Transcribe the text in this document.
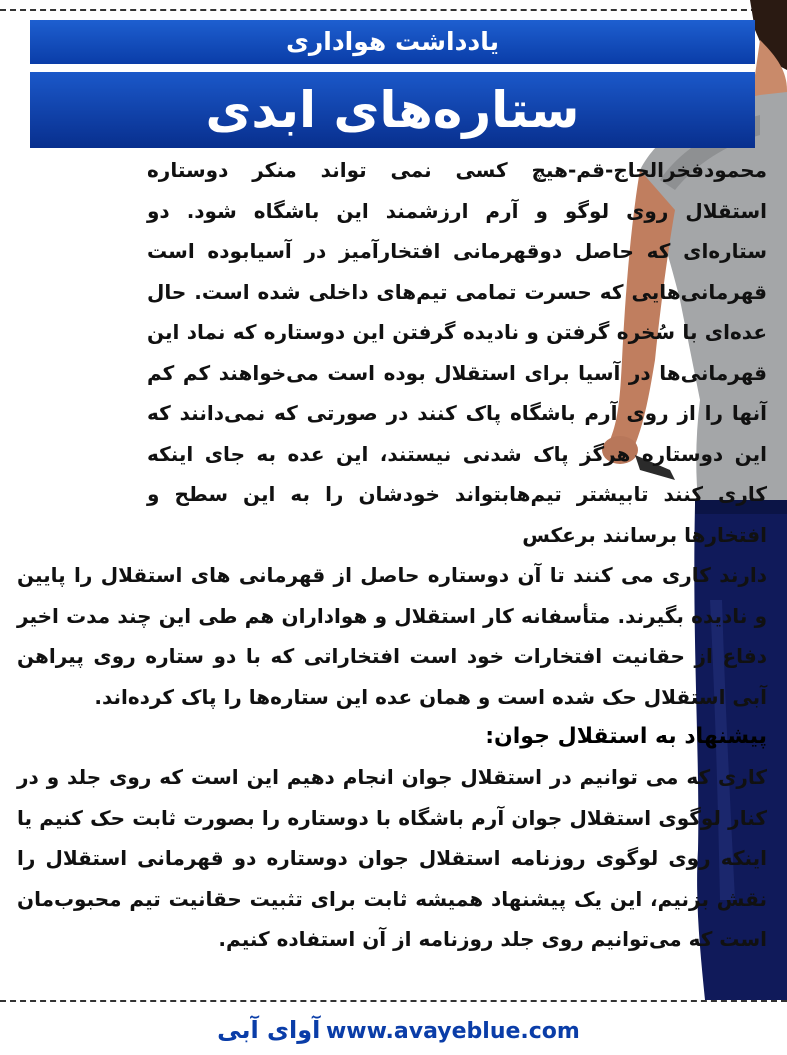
یادداشت هواداری
ستاره‌های ابدی

محمودفخرالحاج-قم-هیچ کسی نمی تواند منکر دوستاره استقلال روی لوگو و آرم ارزشمند این باشگاه شود. دو ستاره‌ای که حاصل دوقهرمانی افتخارآمیز در آسیابوده است قهرمانی‌هایی که حسرت تمامی تیم‌های داخلی شده است. حال عده‌ای با سُخره گرفتن و نادیده گرفتن این دوستاره که نماد این قهرمانی‌ها در آسیا برای استقلال بوده است می‌خواهند کم کم آنها را از روی آرم باشگاه پاک کنند در صورتی که نمی‌دانند که این دوستاره هرگز پاک شدنی نیستند، این عده به جای اینکه کاری کنند تابیشتر تیم‌هابتواند خودشان را به این سطح و افتخارها برسانند برعکس

دارند کاری می کنند تا آن دوستاره حاصل از قهرمانی های استقلال را پایین و نادیده بگیرند. متأسفانه کار استقلال و هواداران هم طی این چند مدت اخیر دفاع از حقانیت افتخارات خود است افتخاراتی که با دو ستاره روی پیراهن آبی استقلال حک شده است و همان عده این ستاره‌ها را پاک کرده‌اند.

پیشنهاد به استقلال جوان:

کاری که می توانیم در استقلال جوان انجام دهیم این است که روی جلد و در کنار لوگوی استقلال جوان آرم باشگاه با دوستاره را بصورت ثابت حک کنیم یا اینکه روی لوگوی روزنامه استقلال جوان دوستاره دو قهرمانی استقلال را نقش بزنیم، این یک پیشنهاد همیشه ثابت برای تثبیت حقانیت تیم محبوب‌مان است که می‌توانیم روی جلد روزنامه از آن استفاده کنیم.

آوای آبی www.avayeblue.com
